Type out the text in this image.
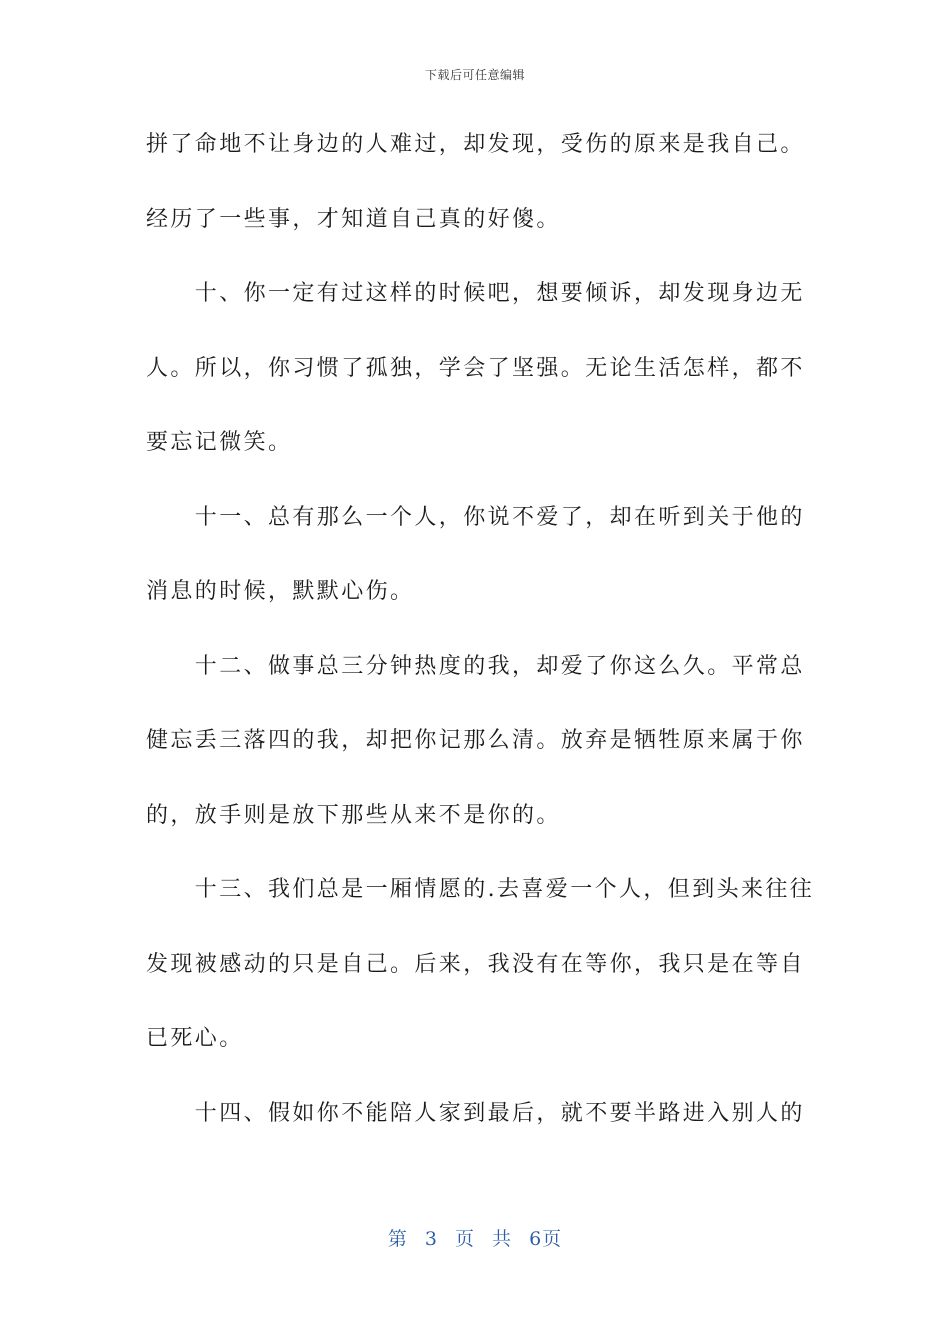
下载后可任意编辑
拼了命地不让身边的人难过，却发现，受伤的原来是我自己。
经历了一些事，才知道自己真的好傻。
　　十、你一定有过这样的时候吧，想要倾诉，却发现身边无
人。所以，你习惯了孤独，学会了坚强。无论生活怎样，都不
要忘记微笑。
　　十一、总有那么一个人，你说不爱了，却在听到关于他的
消息的时候，默默心伤。
　　十二、做事总三分钟热度的我，却爱了你这么久。平常总
健忘丢三落四的我，却把你记那么清。放弃是牺牲原来属于你
的，放手则是放下那些从来不是你的。
　　十三、我们总是一厢情愿的.去喜爱一个人，但到头来往往
发现被感动的只是自己。后来，我没有在等你，我只是在等自
已死心。
　　十四、假如你不能陪人家到最后，就不要半路进入别人的
第 3 页 共 6页
